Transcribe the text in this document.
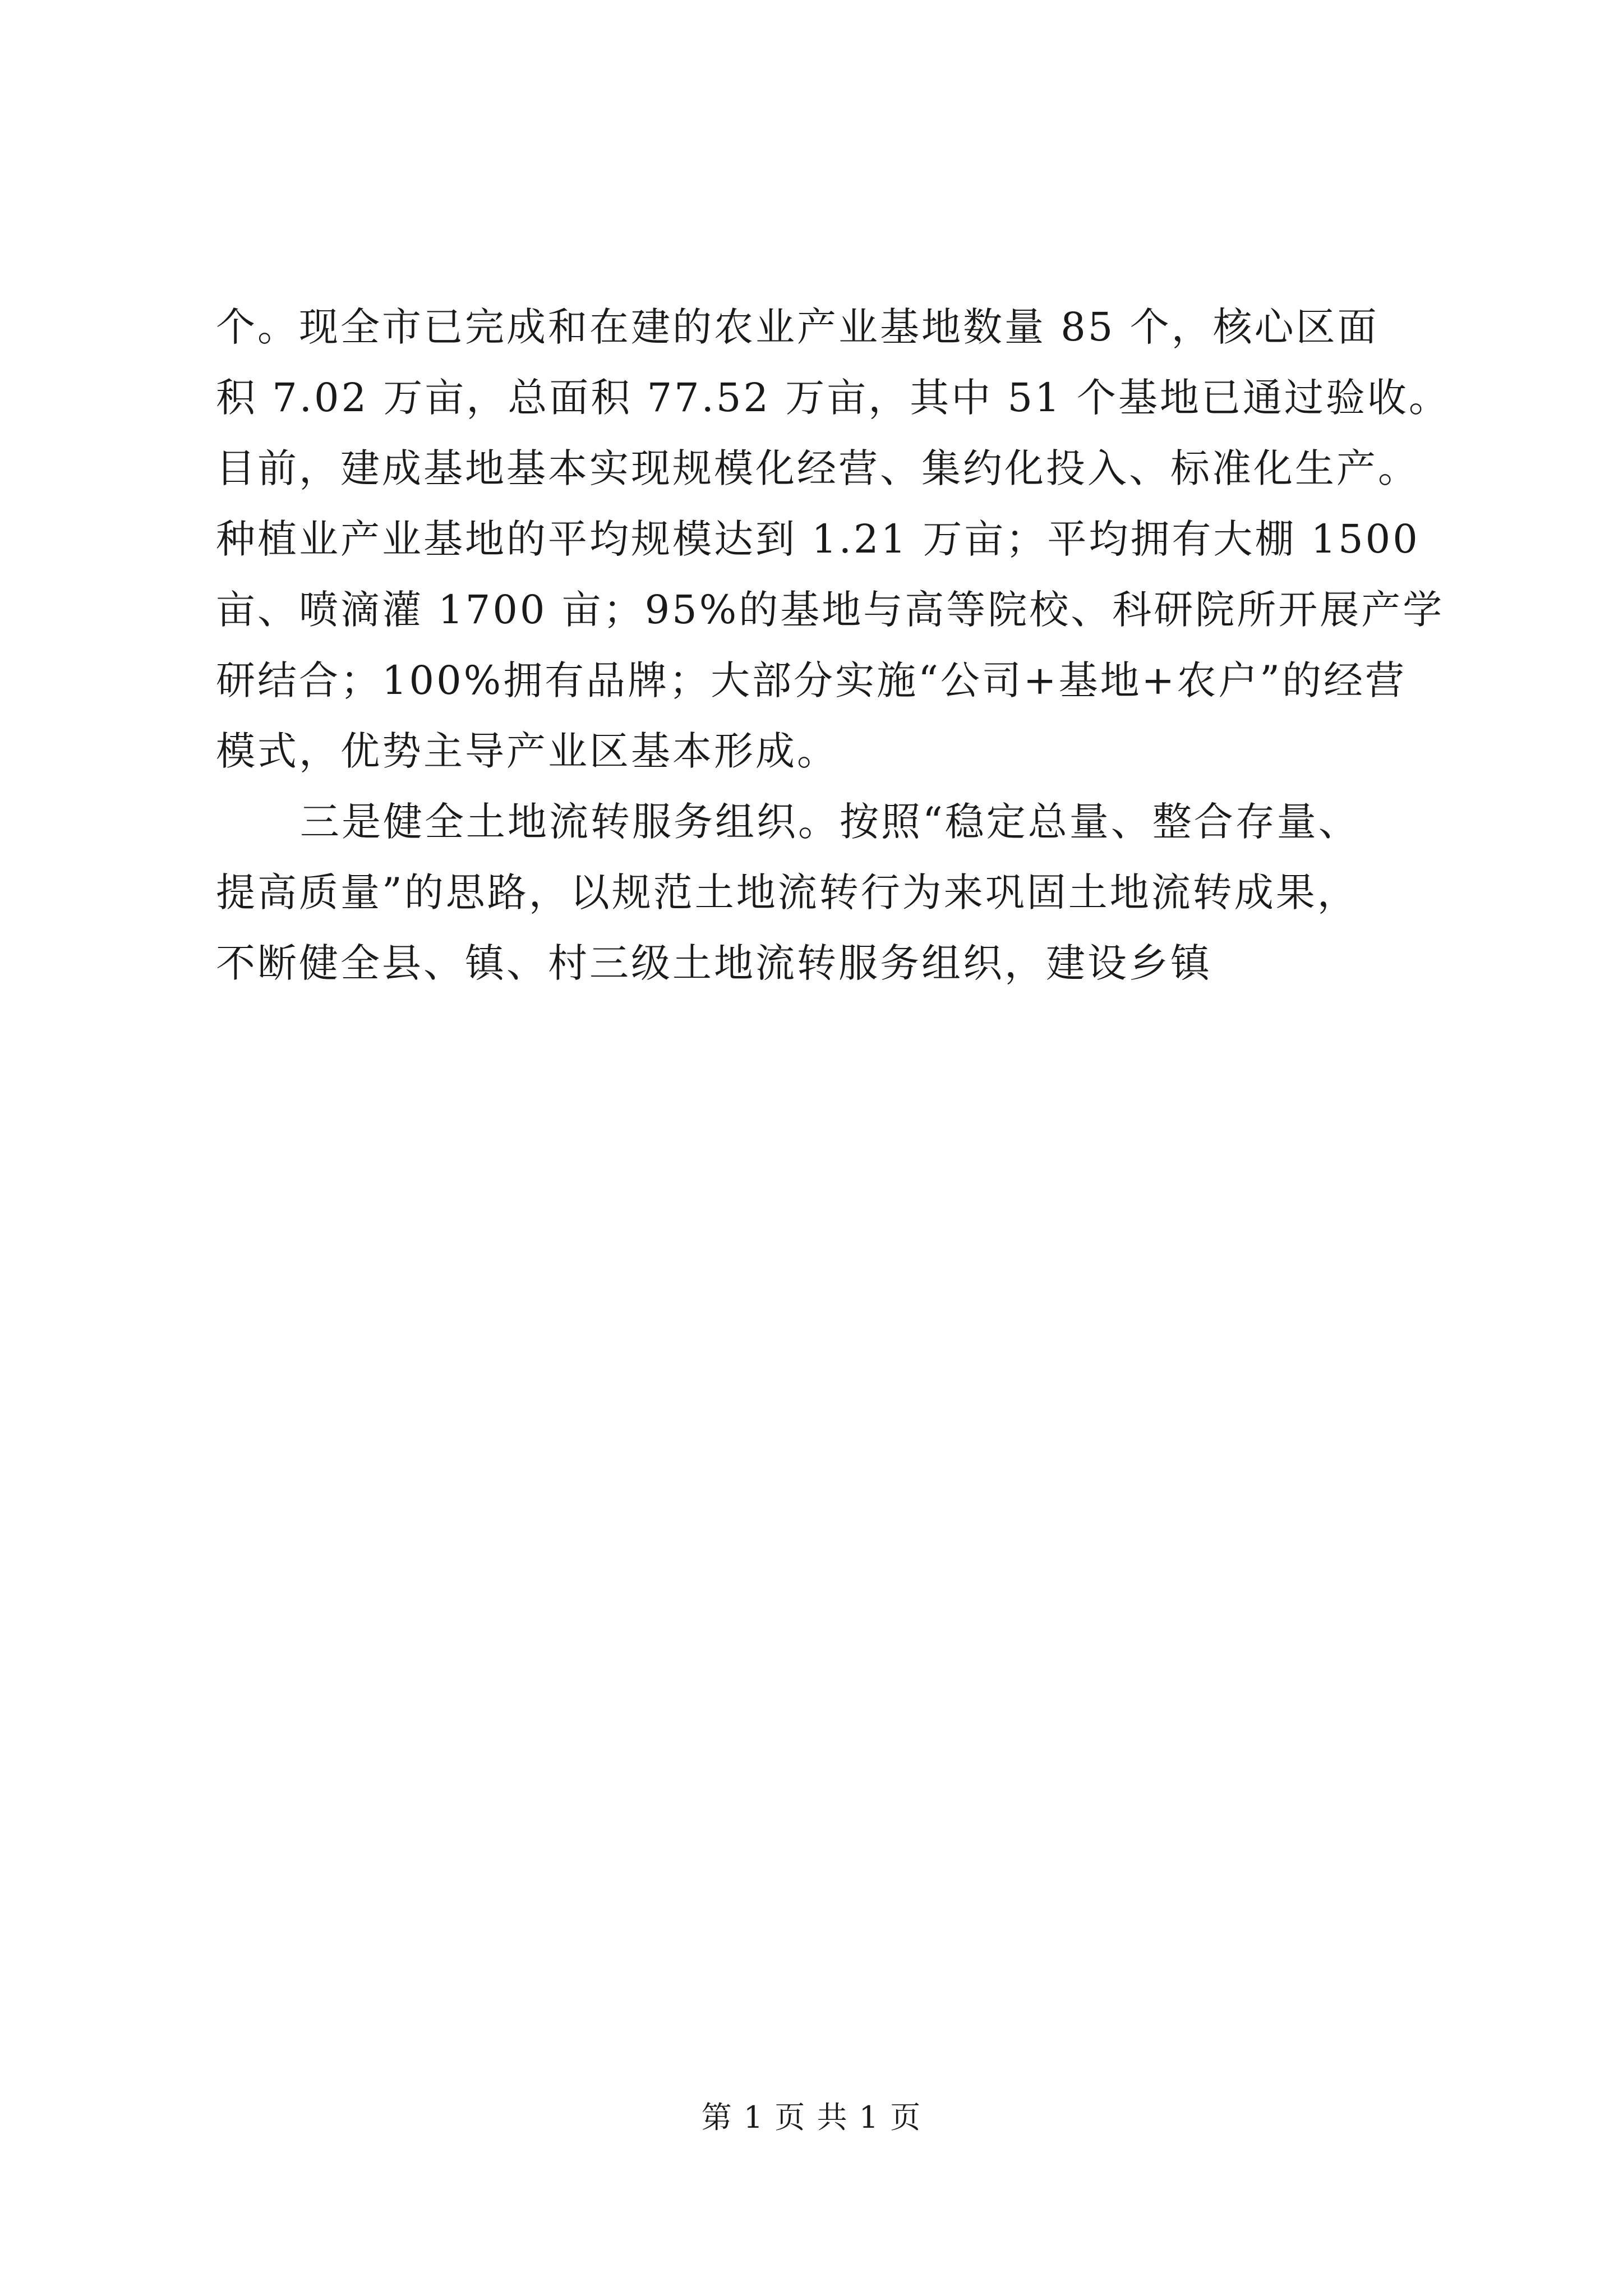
个。现全市已完成和在建的农业产业基地数量 85 个，核心区面
积 7.02 万亩，总面积 77.52 万亩，其中 51 个基地已通过验收。
目前，建成基地基本实现规模化经营、集约化投入、标准化生产。
种植业产业基地的平均规模达到 1.21 万亩；平均拥有大棚 1500
亩、喷滴灌 1700 亩；95%的基地与高等院校、科研院所开展产学
研结合；100%拥有品牌；大部分实施“公司+基地+农户”的经营
模式，优势主导产业区基本形成。
三是健全土地流转服务组织。按照“稳定总量、整合存量、
提高质量”的思路，以规范土地流转行为来巩固土地流转成果，
不断健全县、镇、村三级土地流转服务组织，建设乡镇
第 1 页 共 1 页
